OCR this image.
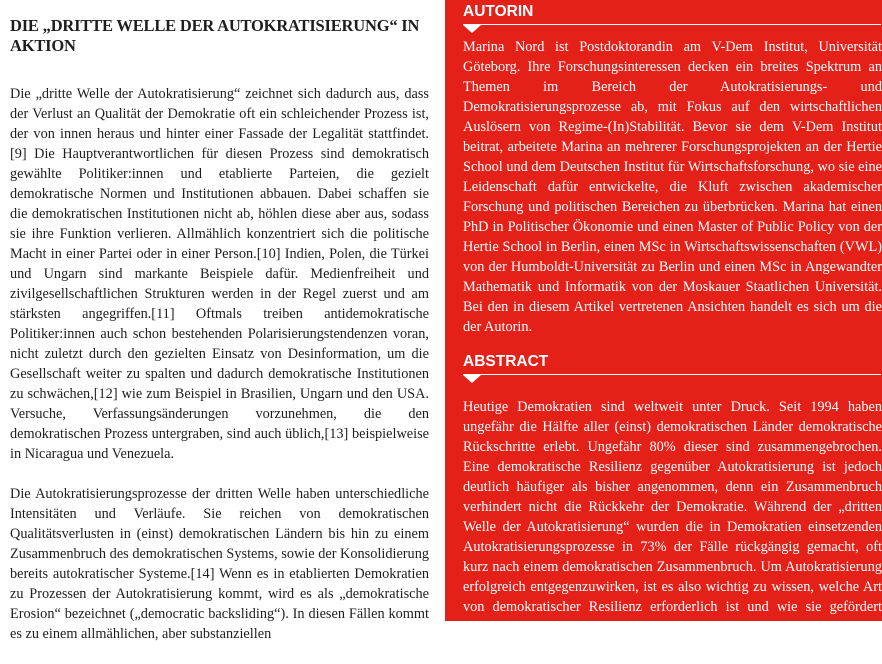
DIE „DRITTE WELLE DER AUTOKRATISIERUNG“ IN AKTION

Die „dritte Welle der Autokratisierung“ zeichnet sich dadurch aus, dass der Verlust an Qualität der Demokratie oft ein schleichender Prozess ist, der von innen heraus und hinter einer Fassade der Legalität stattfindet.[9] Die Hauptverantwortlichen für diesen Prozess sind demokratisch gewählte Politiker:innen und etablierte Parteien, die gezielt demokratische Normen und Institutionen abbauen. Dabei schaffen sie die demokratischen Institutionen nicht ab, höhlen diese aber aus, sodass sie ihre Funktion verlieren. Allmählich konzentriert sich die politische Macht in einer Partei oder in einer Person.[10] Indien, Polen, die Türkei und Ungarn sind markante Beispiele dafür. Medienfreiheit und zivilgesellschaftlichen Strukturen werden in der Regel zuerst und am stärksten angegriffen.[11] Oftmals treiben antidemokratische Politiker:innen auch schon bestehenden Polarisierungstendenzen voran, nicht zuletzt durch den gezielten Einsatz von Desinformation, um die Gesellschaft weiter zu spalten und dadurch demokratische Institutionen zu schwächen,[12] wie zum Beispiel in Brasilien, Ungarn und den USA. Versuche, Verfassungsänderungen vorzunehmen, die den demokratischen Prozess untergraben, sind auch üblich,[13] beispielweise in Nicaragua und Venezuela.

Die Autokratisierungsprozesse der dritten Welle haben unterschiedliche Intensitäten und Verläufe. Sie reichen von demokratischen Qualitätsverlusten in (einst) demokratischen Ländern bis hin zu einem Zusammenbruch des demokratischen Systems, sowie der Konsolidierung bereits autokratischer Systeme.[14] Wenn es in etablierten Demokratien zu Prozessen der Autokratisierung kommt, wird es als „demokratische Erosion“ bezeichnet („democratic backsliding“). In diesen Fällen kommt es zu einem allmählichen, aber substanziellen

AUTORIN

Marina Nord ist Postdoktorandin am V-Dem Institut, Universität Göteborg. Ihre Forschungsinteressen decken ein breites Spektrum an Themen im Bereich der Autokratisierungs- und Demokratisierungsprozesse ab, mit Fokus auf den wirtschaftlichen Auslösern von Regime-(In)Stabilität. Bevor sie dem V-Dem Institut beitrat, arbeitete Marina an mehrerer Forschungsprojekten an der Hertie School und dem Deutschen Institut für Wirtschaftsforschung, wo sie eine Leidenschaft dafür entwickelte, die Kluft zwischen akademischer Forschung und politischen Bereichen zu überbrücken. Marina hat einen PhD in Politischer Ökonomie und einen Master of Public Policy von der Hertie School in Berlin, einen MSc in Wirtschaftswissenschaften (VWL) von der Humboldt-Universität zu Berlin und einen MSc in Angewandter Mathematik und Informatik von der Moskauer Staatlichen Universität. Bei den in diesem Artikel vertretenen Ansichten handelt es sich um die der Autorin.

ABSTRACT

Heutige Demokratien sind weltweit unter Druck. Seit 1994 haben ungefähr die Hälfte aller (einst) demokratischen Länder demokratische Rückschritte erlebt. Ungefähr 80% dieser sind zusammengebrochen. Eine demokratische Resilienz gegenüber Autokratisierung ist jedoch deutlich häufiger als bisher angenommen, denn ein Zusammenbruch verhindert nicht die Rückkehr der Demokratie. Während der „dritten Welle der Autokratisierung“ wurden die in Demokratien einsetzenden Autokratisierungsprozesse in 73% der Fälle rückgängig gemacht, oft kurz nach einem demokratischen Zusammenbruch. Um Autokratisierung erfolgreich entgegenzuwirken, ist es also wichtig zu wissen, welche Art von demokratischer Resilienz erforderlich ist und wie sie gefördert werden kann
